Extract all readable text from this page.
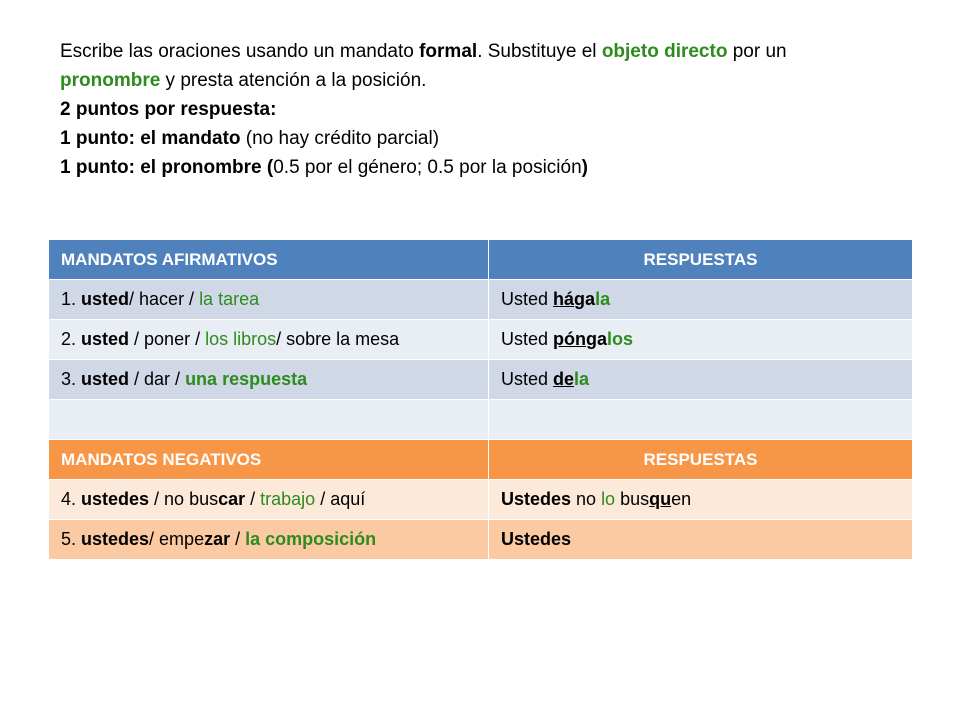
Escribe las oraciones usando un mandato formal. Substituye el objeto directo por un

pronombre y presta atención a la posición.

2 puntos por respuesta:

1 punto: el mandato (no hay crédito parcial)

1 punto: el pronombre (0.5 por el género; 0.5 por la posición)

MANDATOS AFIRMATIVOS	RESPUESTAS
1. usted/ hacer / la tarea	Usted hágala
2. usted / poner / los libros/ sobre la mesa	Usted póngalos
3. usted / dar / una respuesta	Usted dela

MANDATOS NEGATIVOS	RESPUESTAS
4. ustedes / no buscar / trabajo / aquí	Ustedes no lo busquen
5. ustedes/ empezar / la composición	Ustedes
